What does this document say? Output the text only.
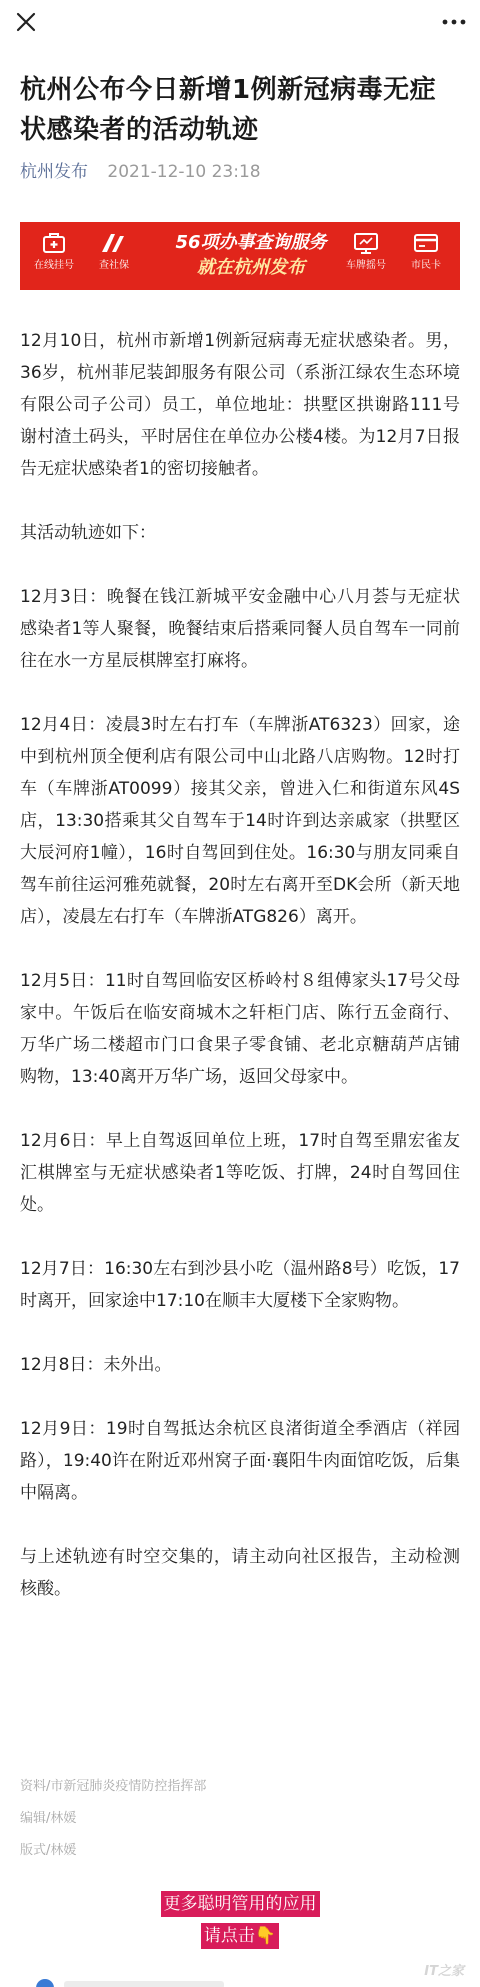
杭州公布今日新增1例新冠病毒无症状感染者的活动轨迹
杭州发布 2021-12-10 23:18
在线挂号	查社保
56项办事查询服务
就在杭州发布	车牌摇号	市民卡

12月10日，杭州市新增1例新冠病毒无症状感染者。男，36岁，杭州菲尼装卸服务有限公司（系浙江绿农生态环境有限公司子公司）员工，单位地址：拱墅区拱谢路111号谢村渣土码头，平时居住在单位办公楼4楼。为12月7日报告无症状感染者1的密切接触者。

其活动轨迹如下：

12月3日：晚餐在钱江新城平安金融中心八月荟与无症状感染者1等人聚餐，晚餐结束后搭乘同餐人员自驾车一同前往在水一方星辰棋牌室打麻将。

12月4日：凌晨3时左右打车（车牌浙AT6323）回家，途中到杭州顶全便利店有限公司中山北路八店购物。12时打车（车牌浙AT0099）接其父亲，曾进入仁和街道东风4S店，13:30搭乘其父自驾车于14时许到达亲戚家（拱墅区大辰河府1幢），16时自驾回到住处。16:30与朋友同乘自驾车前往运河雅苑就餐，20时左右离开至DK会所（新天地店），凌晨左右打车（车牌浙ATG826）离开。

12月5日：11时自驾回临安区桥岭村８组傅家头17号父母家中。午饭后在临安商城木之轩柜门店、陈行五金商行、万华广场二楼超市门口食果子零食铺、老北京糖葫芦店铺购物，13:40离开万华广场，返回父母家中。

12月6日：早上自驾返回单位上班，17时自驾至鼎宏雀友汇棋牌室与无症状感染者1等吃饭、打牌，24时自驾回住处。

12月7日：16:30左右到沙县小吃（温州路8号）吃饭，17时离开，回家途中17:10在顺丰大厦楼下全家购物。

12月8日：未外出。

12月9日：19时自驾抵达余杭区良渚街道全季酒店（祥园路），19:40许在附近邓州窝子面·襄阳牛肉面馆吃饭，后集中隔离。

与上述轨迹有时空交集的，请主动向社区报告，主动检测核酸。

资料/市新冠肺炎疫情防控指挥部
编辑/林媛
版式/林媛
更多聪明管用的应用
请点击👇
IT之家
